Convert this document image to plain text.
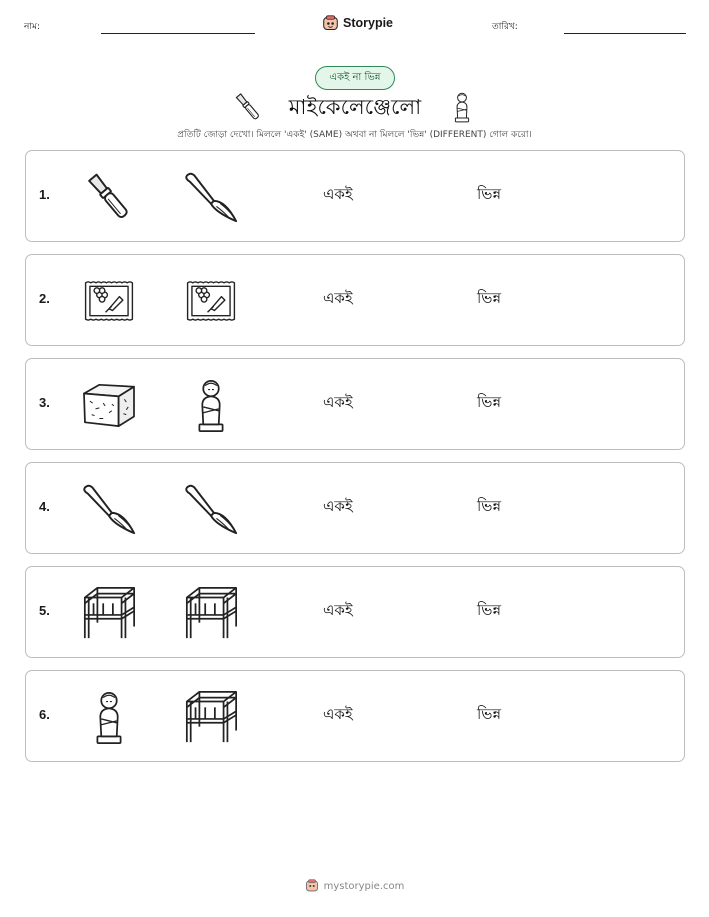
নাম:	Storypie	তারিখ:
একই না ভিন্ন
মাইকেলেঞ্জেলো
প্রতিটি জোড়া দেখো। মিললে 'একই' (SAME) অথবা না মিললে 'ভিন্ন' (DIFFERENT) গোল করো।
1.	একই	ভিন্ন
2.	একই	ভিন্ন
3.	একই	ভিন্ন
4.	একই	ভিন্ন
5.	একই	ভিন্ন
6.	একই	ভিন্ন
mystorypie.com
